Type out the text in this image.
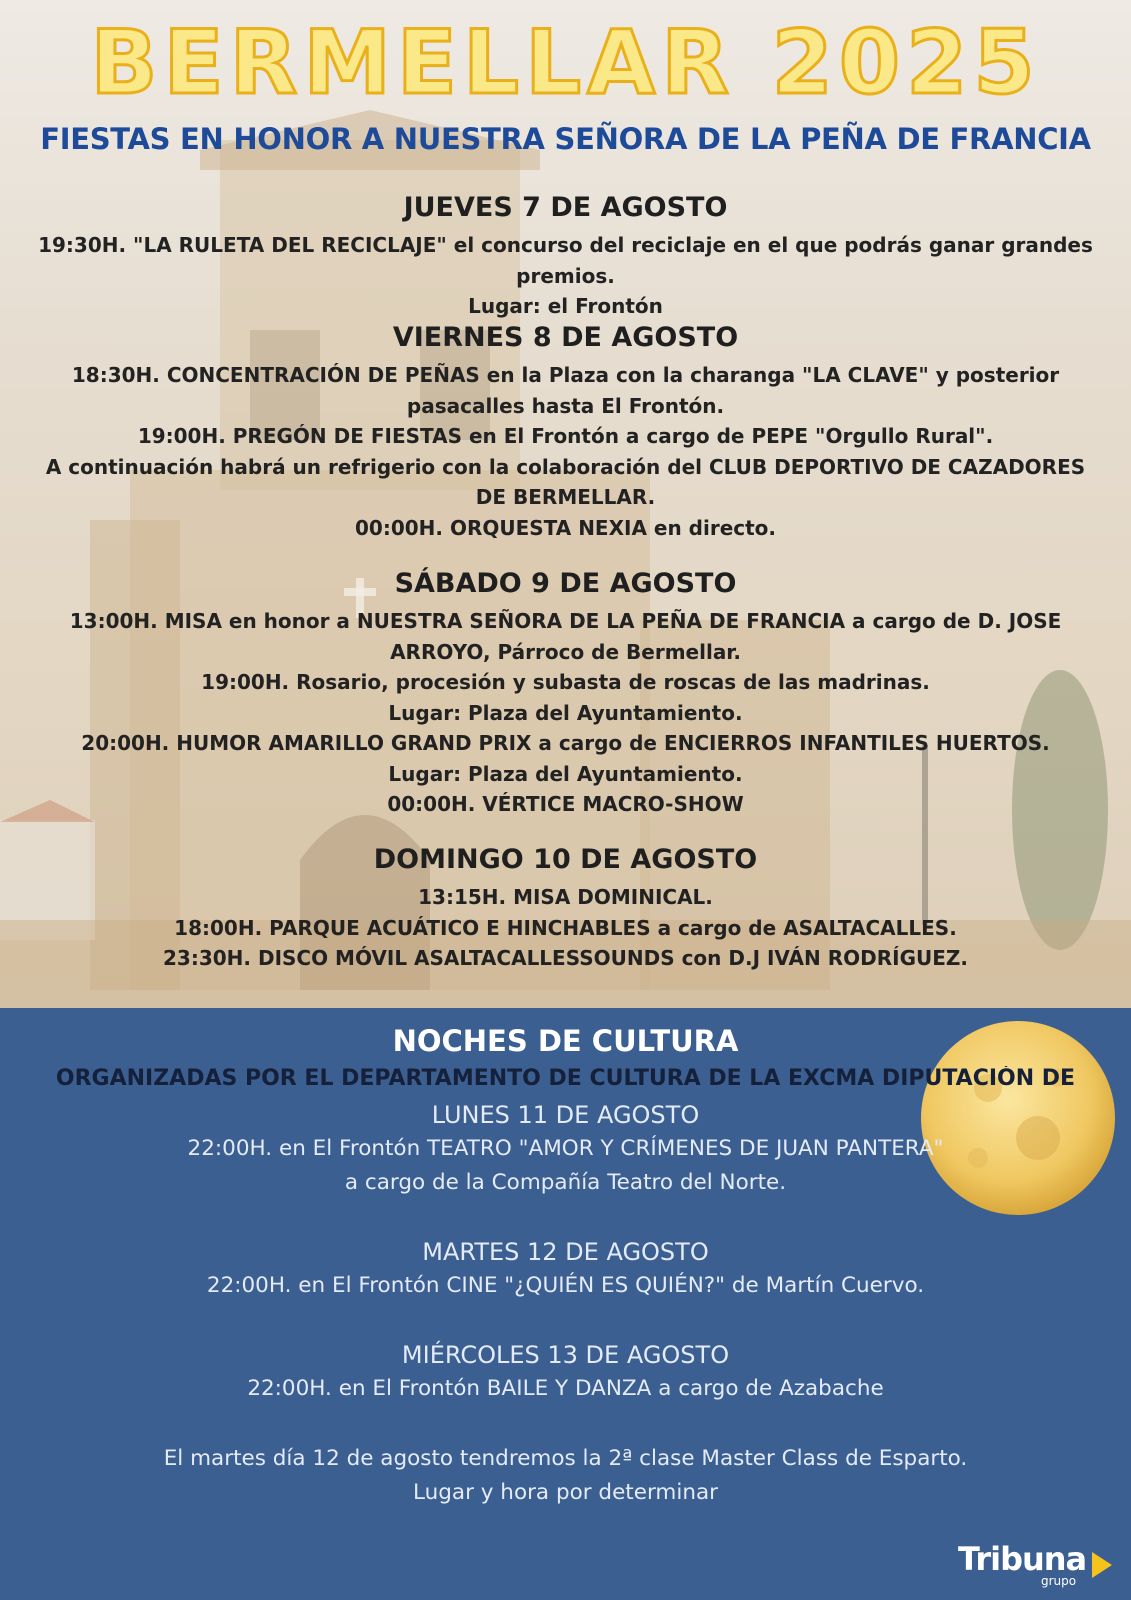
BERMELLAR 2025
FIESTAS EN HONOR A NUESTRA SEÑORA DE LA PEÑA DE FRANCIA
JUEVES 7 DE AGOSTO

19:30H. "LA RULETA DEL RECICLAJE" el concurso del reciclaje en el que podrás ganar grandes premios.

Lugar: el Frontón

VIERNES 8 DE AGOSTO

18:30H. CONCENTRACIÓN DE PEÑAS en la Plaza con la charanga "LA CLAVE" y posterior pasacalles hasta El Frontón.

19:00H. PREGÓN DE FIESTAS en El Frontón a cargo de PEPE "Orgullo Rural".

A continuación habrá un refrigerio con la colaboración del CLUB DEPORTIVO DE CAZADORES DE BERMELLAR.

00:00H. ORQUESTA NEXIA en directo.

SÁBADO 9 DE AGOSTO

13:00H. MISA en honor a NUESTRA SEÑORA DE LA PEÑA DE FRANCIA a cargo de D. JOSE ARROYO, Párroco de Bermellar.

19:00H. Rosario, procesión y subasta de roscas de las madrinas.

Lugar: Plaza del Ayuntamiento.

20:00H. HUMOR AMARILLO GRAND PRIX a cargo de ENCIERROS INFANTILES HUERTOS.

Lugar: Plaza del Ayuntamiento.

00:00H. VÉRTICE MACRO-SHOW

DOMINGO 10 DE AGOSTO

13:15H. MISA DOMINICAL.

18:00H. PARQUE ACUÁTICO E HINCHABLES a cargo de ASALTACALLES.

23:30H. DISCO MÓVIL ASALTACALLESSOUNDS con D.J IVÁN RODRÍGUEZ.

NOCHES DE CULTURA
ORGANIZADAS POR EL DEPARTAMENTO DE CULTURA DE LA EXCMA DIPUTACIÓN DE

LUNES 11 DE AGOSTO

22:00H. en El Frontón TEATRO "AMOR Y CRÍMENES DE JUAN PANTERA"

a cargo de la Compañía Teatro del Norte.

MARTES 12 DE AGOSTO

22:00H. en El Frontón CINE "¿QUIÉN ES QUIÉN?" de Martín Cuervo.

MIÉRCOLES 13 DE AGOSTO

22:00H. en El Frontón BAILE Y DANZA a cargo de Azabache

El martes día 12 de agosto tendremos la 2ª clase Master Class de Esparto.

Lugar y hora por determinar

Tribuna
grupo
